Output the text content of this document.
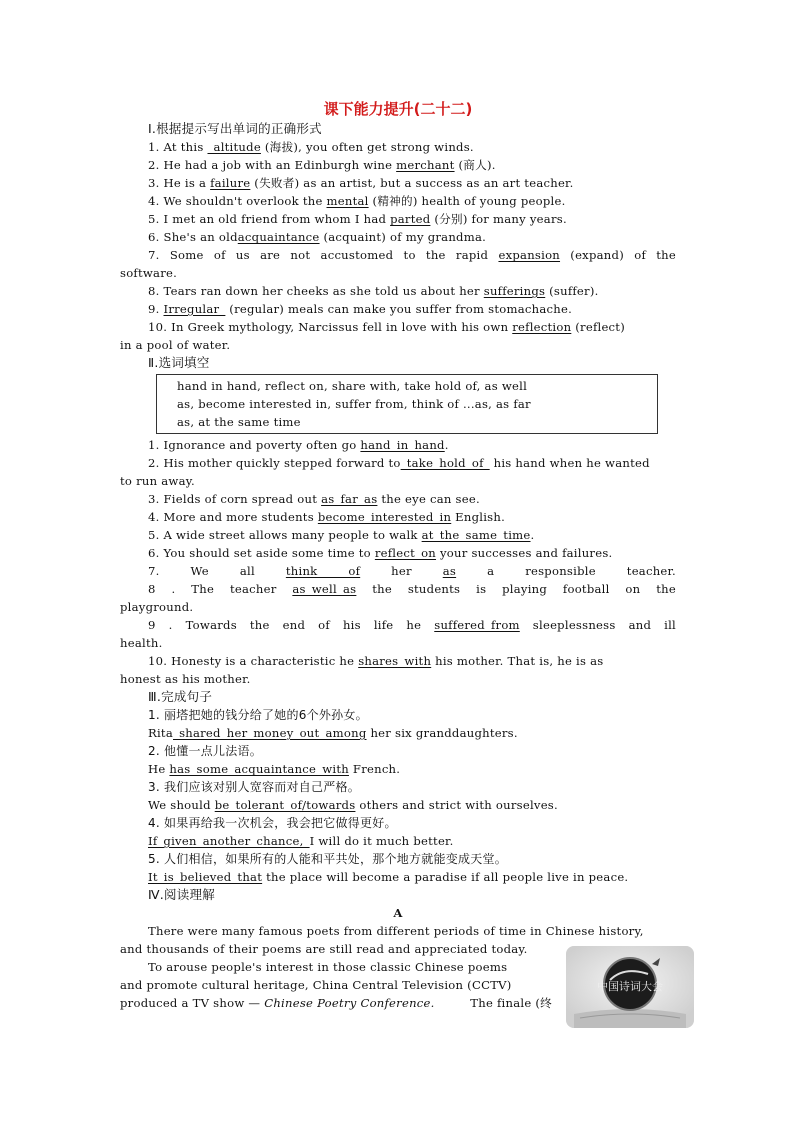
课下能力提升(二十二)
Ⅰ.根据提示写出单词的正确形式
1. At this _altitude (海拔), you often get strong winds.
2. He had a job with an Edinburgh wine merchant (商人).
3. He is a failure (失败者) as an artist, but a success as an art teacher.
4. We shouldn't overlook the mental (精神的) health of young people.
5. I met an old friend from whom I had parted (分别) for many years.
6. She's an oldacquaintance (acquaint) of my grandma.
7. Some of us are not accustomed to the rapid expansion (expand) of the
software.
8. Tears ran down her cheeks as she told us about her sufferings (suffer).
9. Irregular_ (regular) meals can make you suffer from stomachache.
10. In Greek mythology, Narcissus fell in love with his own reflection (reflect)
in a pool of water.
Ⅱ.选词填空
hand in hand, reflect on, share with, take hold of, as well
as, become interested in, suffer from, think of ...as, as far
as, at the same time
1. Ignorance and poverty often go hand_in_hand.
2. His mother quickly stepped forward to_take_hold_of_ his hand when he wanted
to run away.
3. Fields of corn spread out as_far_as the eye can see.
4. More and more students become_interested_in English.
5. A wide street allows many people to walk at_the_same_time.
6. You should set aside some time to reflect_on your successes and failures.
7. We all think of her as a responsible teacher.
8 . The teacher as_well_as the students is playing football on the
playground.
9 . Towards the end of his life he suffered_from sleeplessness and ill
health.
10. Honesty is a characteristic he shares_with his mother. That is, he is as
honest as his mother.
Ⅲ.完成句子
1. 丽塔把她的钱分给了她的6个外孙女。
Rita_shared_her_money_out_among her six granddaughters.
2. 他懂一点儿法语。
He has_some_acquaintance_with French.
3. 我们应该对别人宽容而对自己严格。
We should be_tolerant_of/towards others and strict with ourselves.
4. 如果再给我一次机会，我会把它做得更好。
If_given_another_chance,_I will do it much better.
5. 人们相信，如果所有的人能和平共处，那个地方就能变成天堂。
It_is_believed_that the place will become a paradise if all people live in peace.
Ⅳ.阅读理解
A
There were many famous poets from different periods of time in Chinese history,
and thousands of their poems are still read and appreciated today.
To arouse people's interest in those classic Chinese poems
and promote cultural heritage, China Central Television (CCTV)
produced a TV show — Chinese Poetry Conference.	The finale (终
中国诗词大会
